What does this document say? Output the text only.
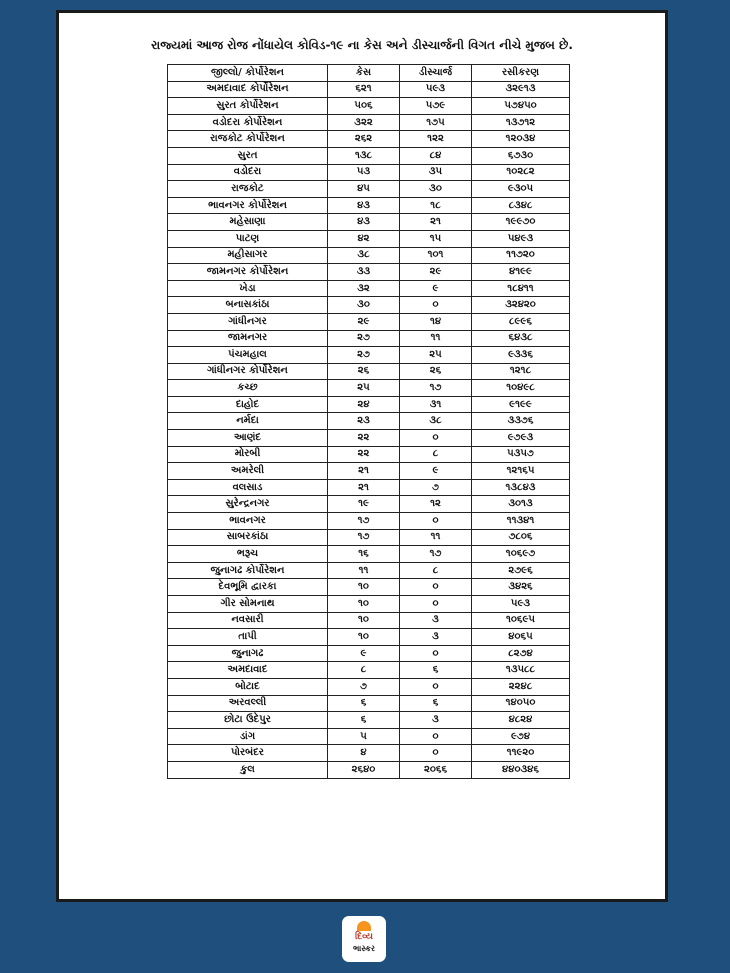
રાજ્યમાં આજ રોજ નોંધાયેલ કોવિડ-૧૯ ના કેસ અને ડીસ્ચાર્જની વિગત નીચે મુજબ છે.
જીલ્લો/ કોર્પોરેશન	કેસ	ડીસ્ચાર્જ	રસીકરણ
અમદાવાદ કોર્પોરેશન	૬૨૧	૫૯૩	૩૨૯૧૩
સુરત કોર્પોરેશન	૫૦૬	૫૭૯	૫૭૪૫૦
વડોદરા કોર્પોરેશન	૩૨૨	૧૭૫	૧૩૭૧૨
રાજકોટ કોર્પોરેશન	૨૬૨	૧૨૨	૧૨૦૩૪
સુરત	૧૩૮	૮૪	૬૭૩૦
વડોદરા	૫૩	૩૫	૧૦૨૮૨
રાજકોટ	૪૫	૩૦	૯૩૦૫
ભાવનગર કોર્પોરેશન	૪૩	૧૮	૮૩૪૮
મહેસાણા	૪૩	૨૧	૧૯૯૭૦
પાટણ	૪૨	૧૫	૫૪૯૩
મહીસાગર	૩૮	૧૦૧	૧૧૭૨૦
જામનગર કોર્પોરેશન	૩૩	૨૯	૪૧૯૯
ખેડા	૩૨	૯	૧૮૪૧૧
બનાસકાંઠા	૩૦	૦	૩૨૪૨૦
ગાંધીનગર	૨૯	૧૪	૮૯૯૬
જામનગર	૨૭	૧૧	૬૪૩૮
પંચમહાલ	૨૭	૨૫	૯૩૩૬
ગાંધીનગર કોર્પોરેશન	૨૬	૨૬	૧૨૧૮
કચ્છ	૨૫	૧૭	૧૦૪૯૮
દાહોદ	૨૪	૩૧	૯૧૯૯
નર્મદા	૨૩	૩૮	૩૩૭૬
આણંદ	૨૨	૦	૯૭૯૩
મોરબી	૨૨	૮	૫૩૫૭
અમરેલી	૨૧	૯	૧૨૧૬૫
વલસાડ	૨૧	૭	૧૩૮૪૩
સુરેન્દ્રનગર	૧૯	૧૨	૩૦૧૩
ભાવનગર	૧૭	૦	૧૧૩૪૧
સાબરકાંઠા	૧૭	૧૧	૭૮૦૬
ભરૂચ	૧૬	૧૭	૧૦૬૯૭
જુનાગઢ કોર્પોરેશન	૧૧	૮	૨૭૯૬
દેવભૂમિ દ્વારકા	૧૦	૦	૩૪૨૬
ગીર સોમનાથ	૧૦	૦	૫૯૩
નવસારી	૧૦	૩	૧૦૬૯૫
તાપી	૧૦	૩	૪૦૬૫
જુનાગઢ	૯	૦	૮૨૭૪
અમદાવાદ	૮	૬	૧૩૫૮૮
બોટાદ	૭	૦	૨૨૪૮
અરવલ્લી	૬	૬	૧૪૦૫૦
છોટા ઉદેપુર	૬	૩	૪૮૨૪
ડાંગ	૫	૦	૯૭૪
પોરબંદર	૪	૦	૧૧૯૨૦
કુલ	૨૬૪૦	૨૦૬૬	૪૪૦૩૪૬
દિવ્ય
ભાસ્કર
